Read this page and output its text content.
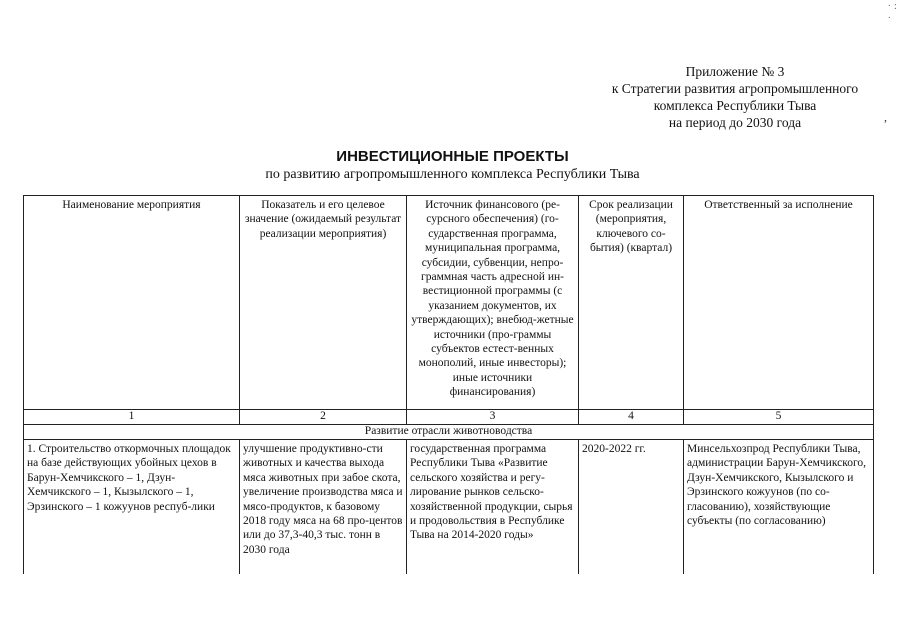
· :
·
,
Приложение № 3
к Стратегии развития агропромышленного
комплекса Республики Тыва
на период до 2030 года
ИНВЕСТИЦИОННЫЕ ПРОЕКТЫ
по развитию агропромышленного комплекса Республики Тыва
Наименование мероприятия	Показатель и его целевое значение (ожидаемый результат реализации мероприятия)	Источник финансового (ре-сурсного обеспечения) (го-сударственная программа, муниципальная программа, субсидии, субвенции, непро-граммная часть адресной ин-вестиционной программы (с указанием документов, их утверждающих); внебюд-жетные источники (про-граммы субъектов естест-венных монополий, иные инвесторы); иные источники финансирования)	Срок реализации (мероприятия, ключевого со-бытия) (квартал)	Ответственный за исполнение
1	2	3	4	5
Развитие отрасли животноводства				
1. Строительство откормочных площадок на базе действующих убойных цехов в Барун-Хемчикского – 1, Дзун-Хемчикского – 1, Кызылского – 1, Эрзинского – 1 кожуунов респуб-лики	улучшение продуктивно-сти животных и качества выхода мяса животных при забое скота, увеличение производства мяса и мясо-продуктов, к базовому 2018 году мяса на 68 про-центов или до 37,3-40,3 тыс. тонн в 2030 года	государственная программа Республики Тыва «Развитие сельского хозяйства и регу-лирование рынков сельско-хозяйственной продукции, сырья и продовольствия в Республике Тыва на 2014-2020 годы»	2020-2022 гг.	Минсельхозпрод Республики Тыва, администрации Барун-Хемчикского, Дзун-Хемчикского, Кызылского и Эрзинского кожуунов (по со-гласованию), хозяйствующие субъекты (по согласованию)
